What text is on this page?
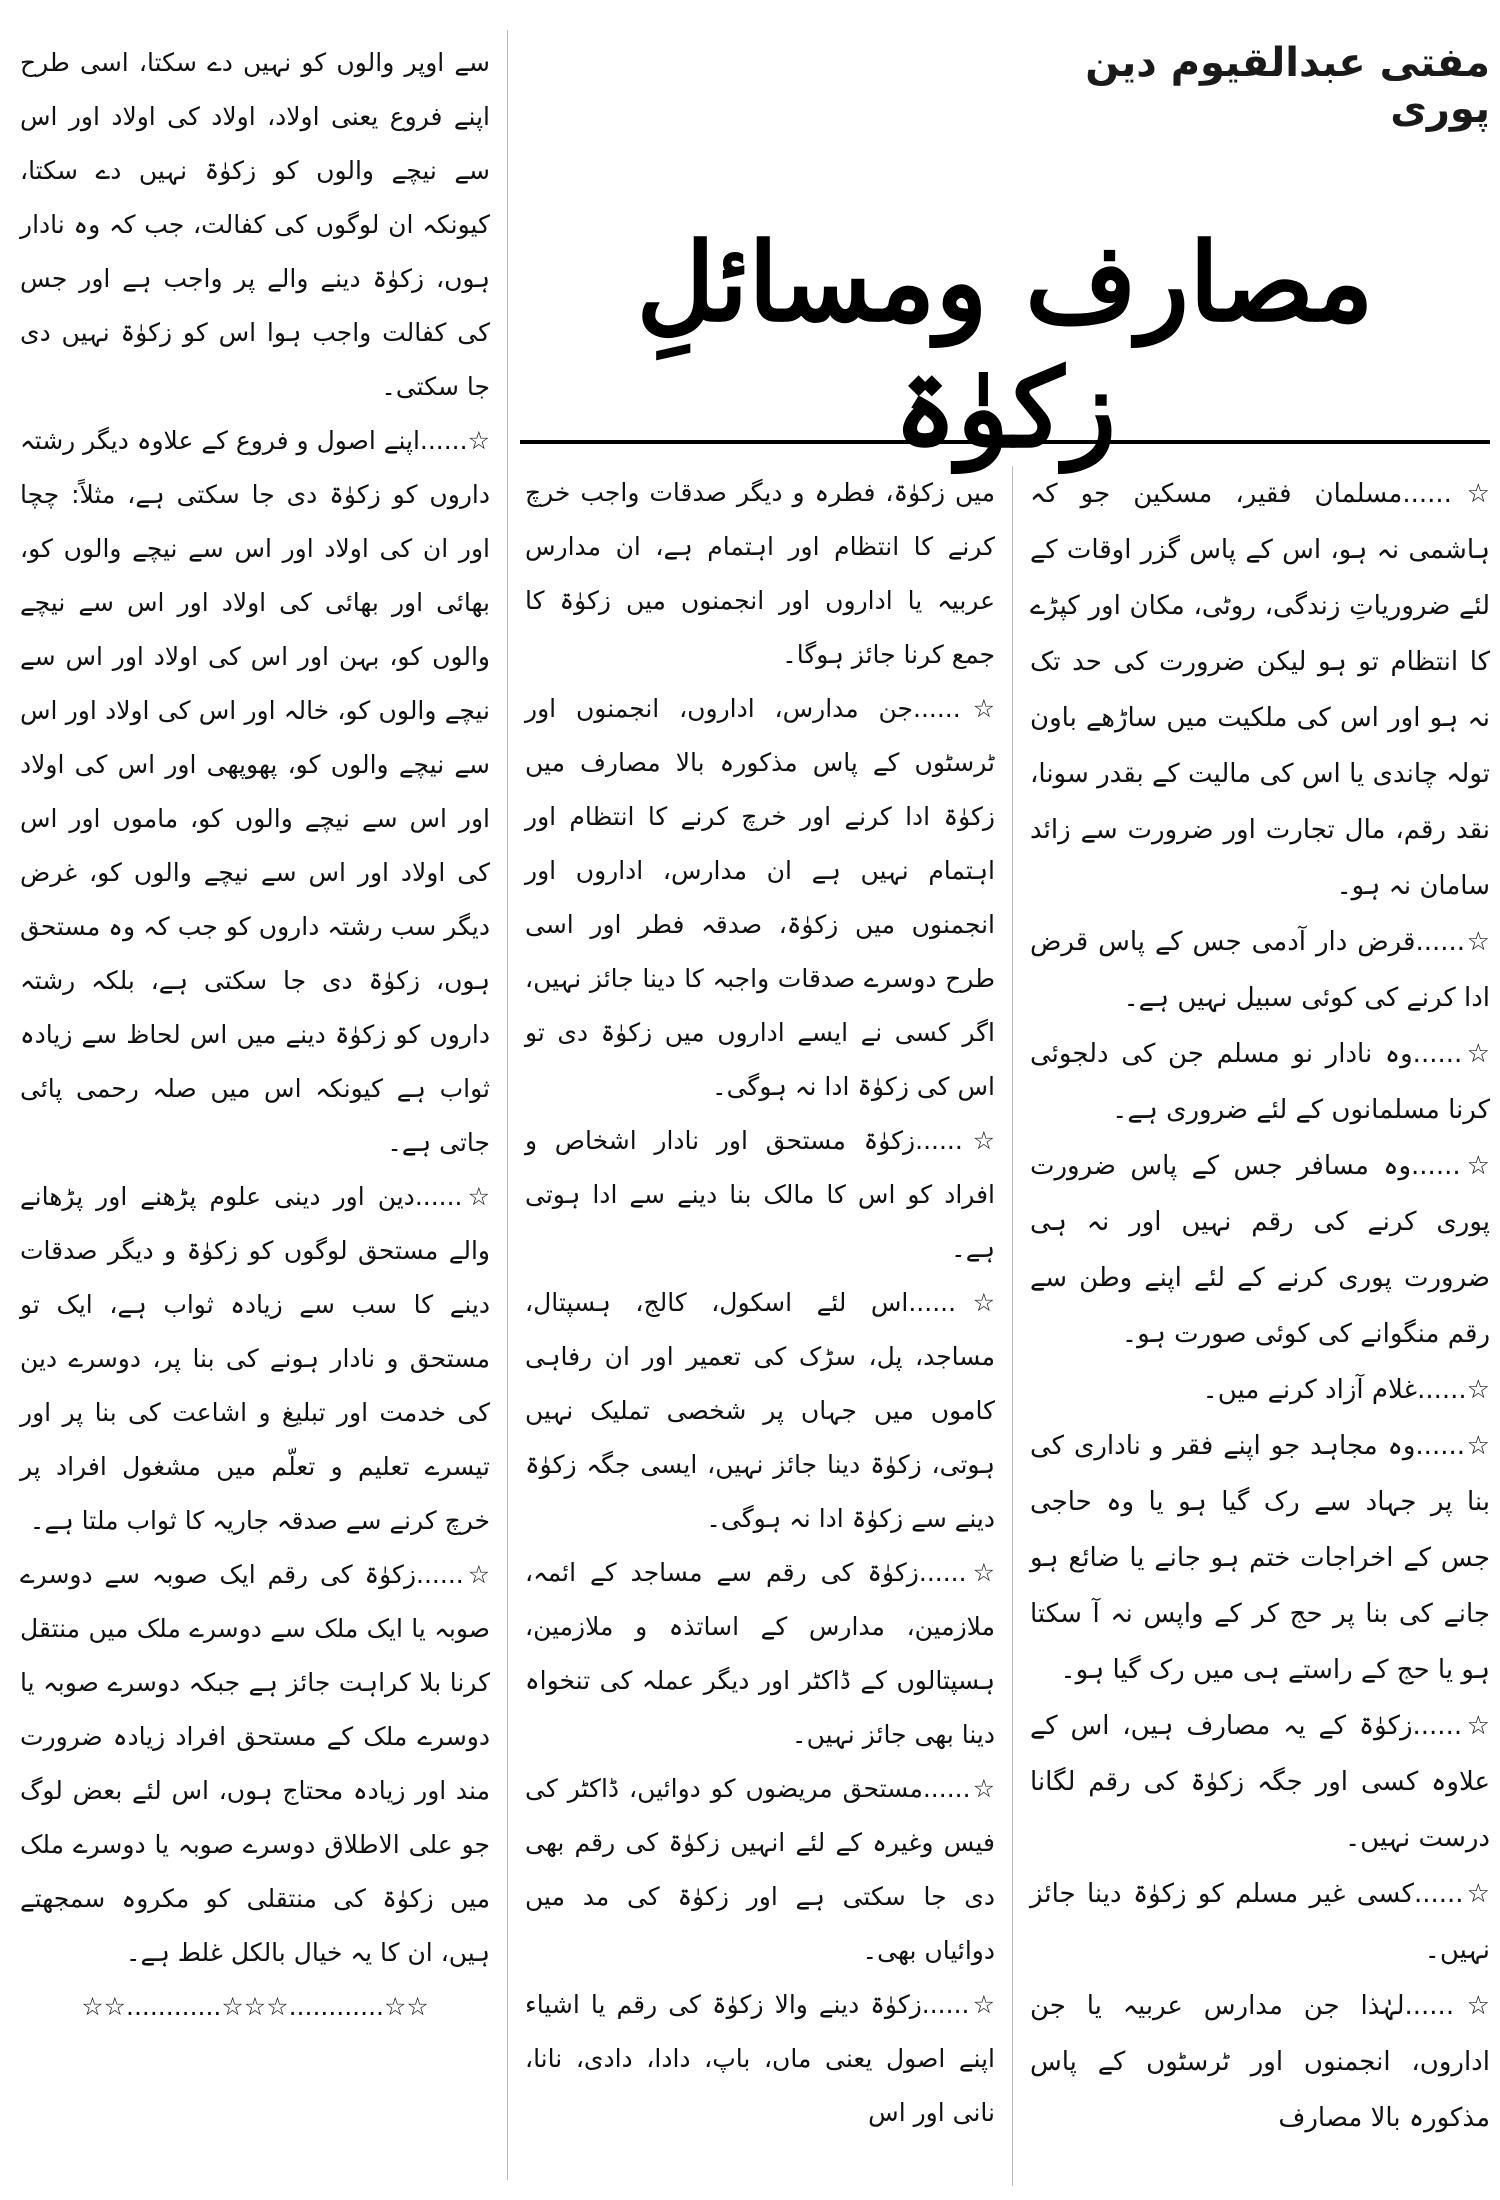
مفتی عبدالقیوم دین پوری
مصارف ومسائلِ زکوٰۃ

☆......مسلمان فقیر، مسکین جو کہ ہاشمی نہ ہو، اس کے پاس گزر اوقات کے لئے ضروریاتِ زندگی، روٹی، مکان اور کپڑے کا انتظام تو ہو لیکن ضرورت کی حد تک نہ ہو اور اس کی ملکیت میں ساڑھے باون تولہ چاندی یا اس کی مالیت کے بقدر سونا، نقد رقم، مال تجارت اور ضرورت سے زائد سامان نہ ہو۔

☆......قرض دار آدمی جس کے پاس قرض ادا کرنے کی کوئی سبیل نہیں ہے۔

☆......وہ نادار نو مسلم جن کی دلجوئی کرنا مسلمانوں کے لئے ضروری ہے۔

☆......وہ مسافر جس کے پاس ضرورت پوری کرنے کی رقم نہیں اور نہ ہی ضرورت پوری کرنے کے لئے اپنے وطن سے رقم منگوانے کی کوئی صورت ہو۔

☆......غلام آزاد کرنے میں۔

☆......وہ مجاہد جو اپنے فقر و ناداری کی بنا پر جہاد سے رک گیا ہو یا وہ حاجی جس کے اخراجات ختم ہو جانے یا ضائع ہو جانے کی بنا پر حج کر کے واپس نہ آ سکتا ہو یا حج کے راستے ہی میں رک گیا ہو۔

☆......زکوٰۃ کے یہ مصارف ہیں، اس کے علاوہ کسی اور جگہ زکوٰۃ کی رقم لگانا درست نہیں۔

☆......کسی غیر مسلم کو زکوٰۃ دینا جائز نہیں۔

☆......لہٰذا جن مدارس عربیہ یا جن اداروں، انجمنوں اور ٹرسٹوں کے پاس مذکورہ بالا مصارف

میں زکوٰۃ، فطرہ و دیگر صدقات واجب خرچ کرنے کا انتظام اور اہتمام ہے، ان مدارس عربیہ یا اداروں اور انجمنوں میں زکوٰۃ کا جمع کرنا جائز ہوگا۔

☆......جن مدارس، اداروں، انجمنوں اور ٹرسٹوں کے پاس مذکورہ بالا مصارف میں زکوٰۃ ادا کرنے اور خرچ کرنے کا انتظام اور اہتمام نہیں ہے ان مدارس، اداروں اور انجمنوں میں زکوٰۃ، صدقہ فطر اور اسی طرح دوسرے صدقات واجبہ کا دینا جائز نہیں، اگر کسی نے ایسے اداروں میں زکوٰۃ دی تو اس کی زکوٰۃ ادا نہ ہوگی۔

☆......زکوٰۃ مستحق اور نادار اشخاص و افراد کو اس کا مالک بنا دینے سے ادا ہوتی ہے۔

☆......اس لئے اسکول، کالج، ہسپتال، مساجد، پل، سڑک کی تعمیر اور ان رفاہی کاموں میں جہاں پر شخصی تملیک نہیں ہوتی، زکوٰۃ دینا جائز نہیں، ایسی جگہ زکوٰۃ دینے سے زکوٰۃ ادا نہ ہوگی۔

☆......زکوٰۃ کی رقم سے مساجد کے ائمہ، ملازمین، مدارس کے اساتذہ و ملازمین، ہسپتالوں کے ڈاکٹر اور دیگر عملہ کی تنخواہ دینا بھی جائز نہیں۔

☆......مستحق مریضوں کو دوائیں، ڈاکٹر کی فیس وغیرہ کے لئے انہیں زکوٰۃ کی رقم بھی دی جا سکتی ہے اور زکوٰۃ کی مد میں دوائیاں بھی۔

☆......زکوٰۃ دینے والا زکوٰۃ کی رقم یا اشیاء اپنے اصول یعنی ماں، باپ، دادا، دادی، نانا، نانی اور اس

سے اوپر والوں کو نہیں دے سکتا، اسی طرح اپنے فروع یعنی اولاد، اولاد کی اولاد اور اس سے نیچے والوں کو زکوٰۃ نہیں دے سکتا، کیونکہ ان لوگوں کی کفالت، جب کہ وہ نادار ہوں، زکوٰۃ دینے والے پر واجب ہے اور جس کی کفالت واجب ہوا اس کو زکوٰۃ نہیں دی جا سکتی۔

☆......اپنے اصول و فروع کے علاوہ دیگر رشتہ داروں کو زکوٰۃ دی جا سکتی ہے، مثلاً: چچا اور ان کی اولاد اور اس سے نیچے والوں کو، بھائی اور بھائی کی اولاد اور اس سے نیچے والوں کو، بہن اور اس کی اولاد اور اس سے نیچے والوں کو، خالہ اور اس کی اولاد اور اس سے نیچے والوں کو، پھوپھی اور اس کی اولاد اور اس سے نیچے والوں کو، ماموں اور اس کی اولاد اور اس سے نیچے والوں کو، غرض دیگر سب رشتہ داروں کو جب کہ وہ مستحق ہوں، زکوٰۃ دی جا سکتی ہے، بلکہ رشتہ داروں کو زکوٰۃ دینے میں اس لحاظ سے زیادہ ثواب ہے کیونکہ اس میں صلہ رحمی پائی جاتی ہے۔

☆......دین اور دینی علوم پڑھنے اور پڑھانے والے مستحق لوگوں کو زکوٰۃ و دیگر صدقات دینے کا سب سے زیادہ ثواب ہے، ایک تو مستحق و نادار ہونے کی بنا پر، دوسرے دین کی خدمت اور تبلیغ و اشاعت کی بنا پر اور تیسرے تعلیم و تعلّم میں مشغول افراد پر خرچ کرنے سے صدقہ جاریہ کا ثواب ملتا ہے۔

☆......زکوٰۃ کی رقم ایک صوبہ سے دوسرے صوبہ یا ایک ملک سے دوسرے ملک میں منتقل کرنا بلا کراہت جائز ہے جبکہ دوسرے صوبہ یا دوسرے ملک کے مستحق افراد زیادہ ضرورت مند اور زیادہ محتاج ہوں، اس لئے بعض لوگ جو علی الاطلاق دوسرے صوبہ یا دوسرے ملک میں زکوٰۃ کی منتقلی کو مکروہ سمجھتے ہیں، ان کا یہ خیال بالکل غلط ہے۔

☆☆............☆☆☆............☆☆
